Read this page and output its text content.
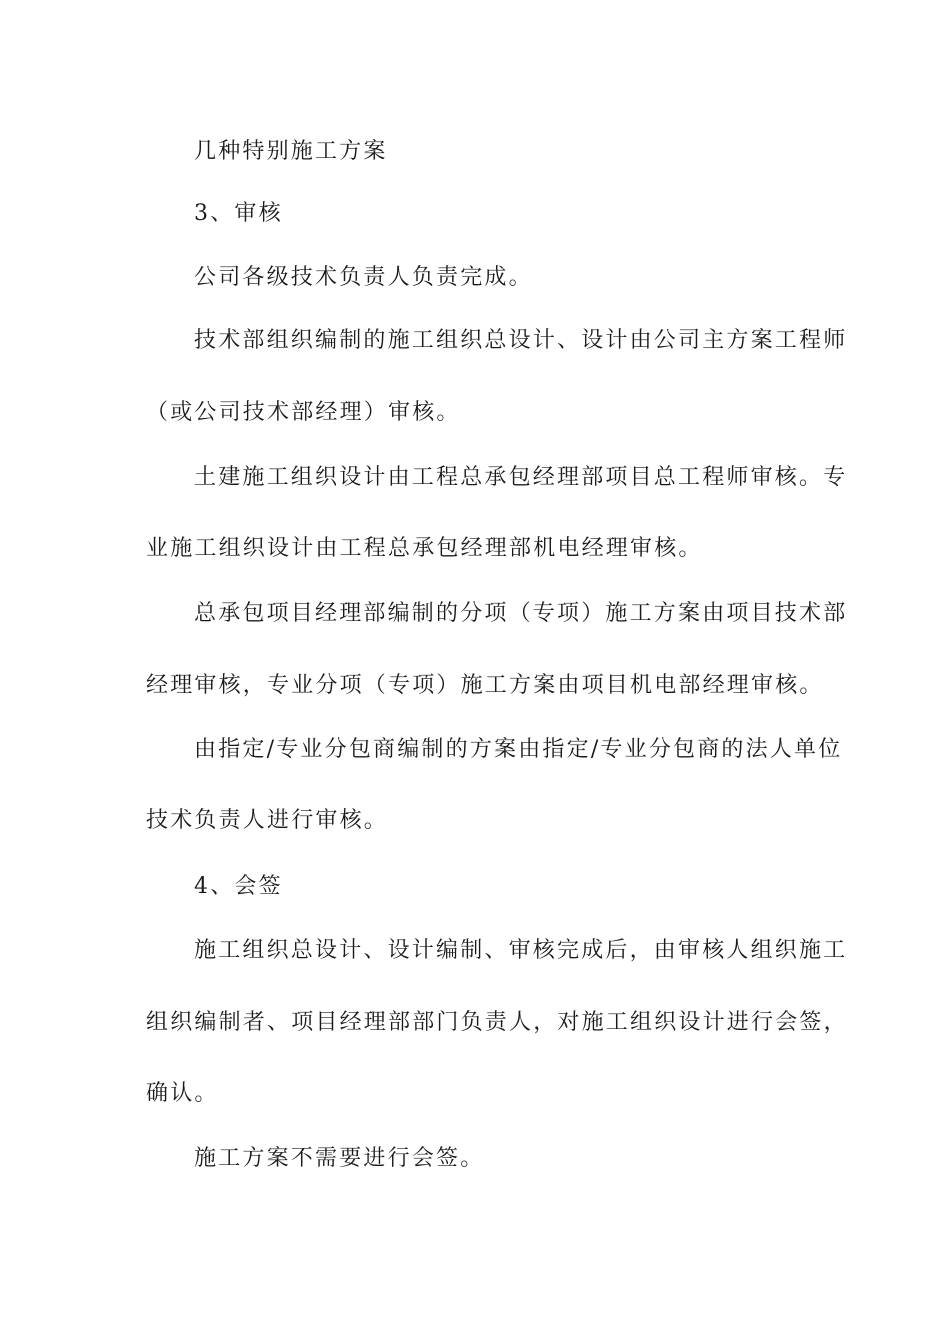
几种特别施工方案
3、审核
公司各级技术负责人负责完成。
技术部组织编制的施工组织总设计、设计由公司主方案工程师
（或公司技术部经理）审核。
土建施工组织设计由工程总承包经理部项目总工程师审核。专
业施工组织设计由工程总承包经理部机电经理审核。
总承包项目经理部编制的分项（专项）施工方案由项目技术部
经理审核，专业分项（专项）施工方案由项目机电部经理审核。
由指定/专业分包商编制的方案由指定/专业分包商的法人单位
技术负责人进行审核。
4、会签
施工组织总设计、设计编制、审核完成后，由审核人组织施工
组织编制者、项目经理部部门负责人，对施工组织设计进行会签，
确认。
施工方案不需要进行会签。
